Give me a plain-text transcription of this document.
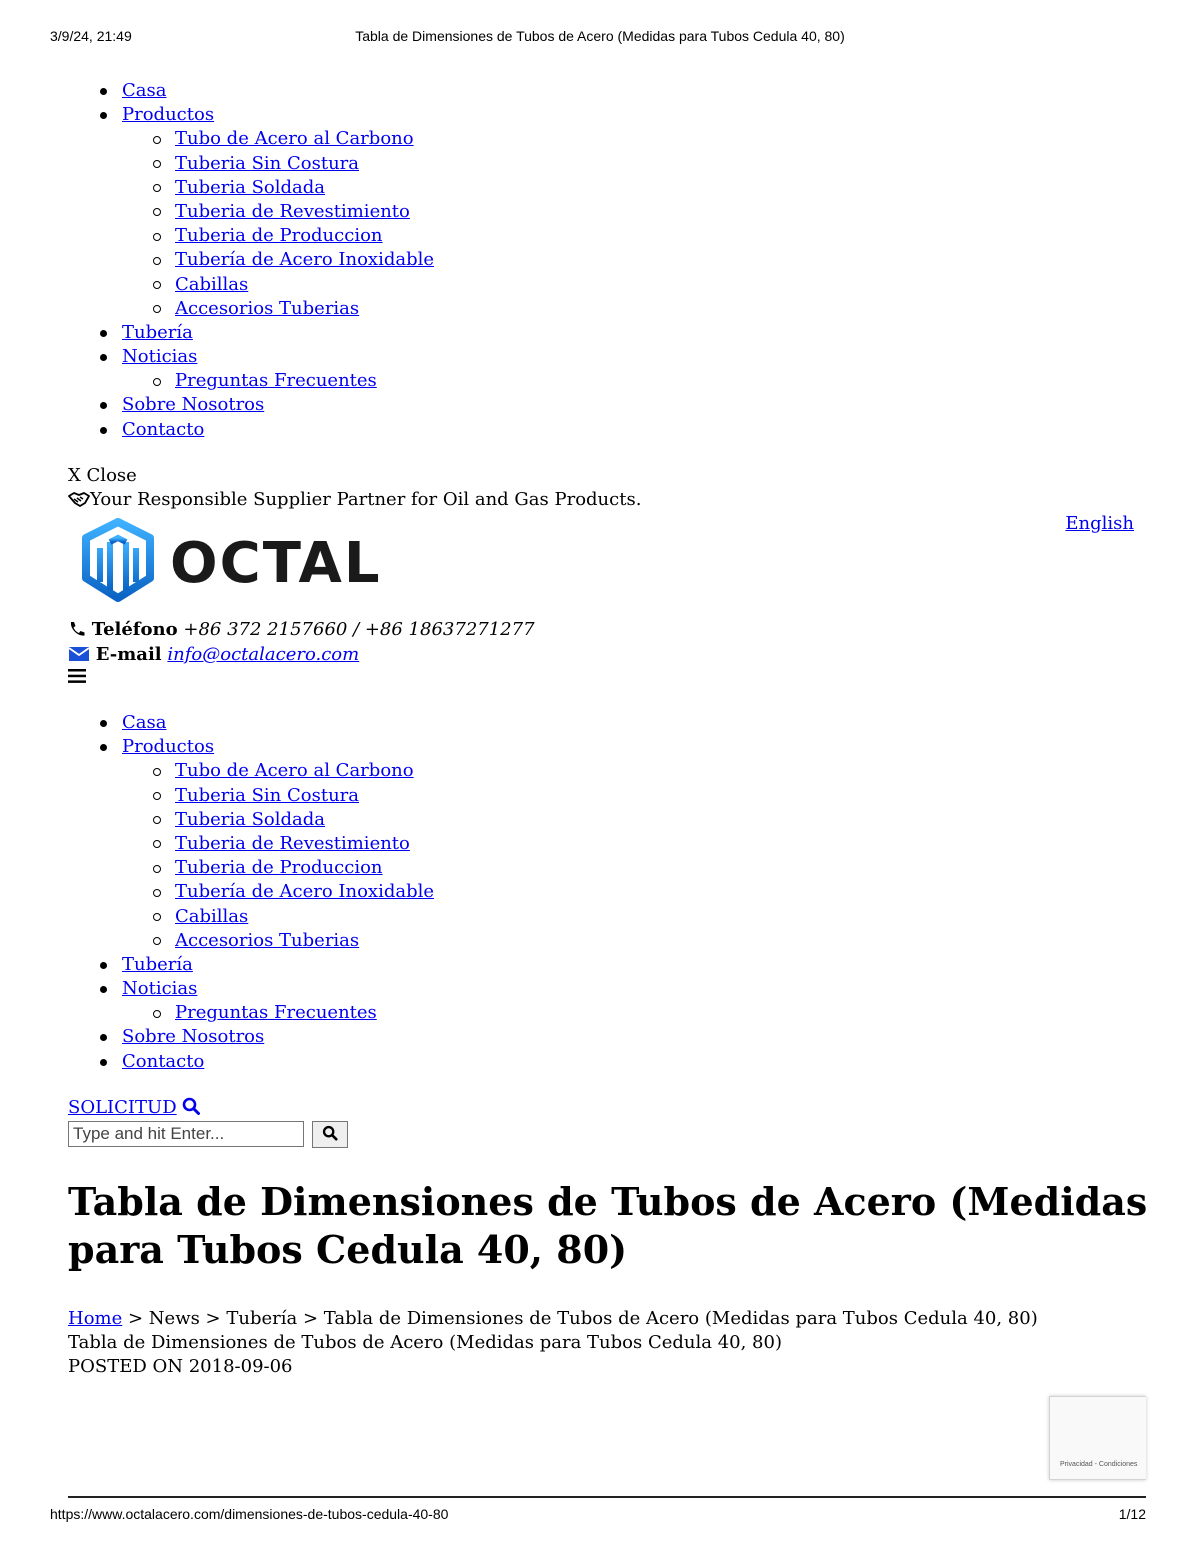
3/9/24, 21:49	Tabla de Dimensiones de Tubos de Acero (Medidas para Tubos Cedula 40, 80)
Casa
Productos
Tubo de Acero al Carbono
Tuberia Sin Costura
Tuberia Soldada
Tuberia de Revestimiento
Tuberia de Produccion
Tubería de Acero Inoxidable
Cabillas
Accesorios Tuberias
Tubería
Noticias
Preguntas Frecuentes
Sobre Nosotros
Contacto
X Close
Your Responsible Supplier Partner for Oil and Gas Products.
English
OCTAL
Teléfono +86 372 2157660 / +86 18637271277
E-mail info@octalacero.com
Casa
Productos
Tubo de Acero al Carbono
Tuberia Sin Costura
Tuberia Soldada
Tuberia de Revestimiento
Tuberia de Produccion
Tubería de Acero Inoxidable
Cabillas
Accesorios Tuberias
Tubería
Noticias
Preguntas Frecuentes
Sobre Nosotros
Contacto
SOLICITUD
Type and hit Enter...
Tabla de Dimensiones de Tubos de Acero (Medidas para Tubos Cedula 40, 80)
Home > News > Tubería > Tabla de Dimensiones de Tubos de Acero (Medidas para Tubos Cedula 40, 80)
Tabla de Dimensiones de Tubos de Acero (Medidas para Tubos Cedula 40, 80)
POSTED ON 2018-09-06
Privacidad - Condiciones
https://www.octalacero.com/dimensiones-de-tubos-cedula-40-80	1/12
